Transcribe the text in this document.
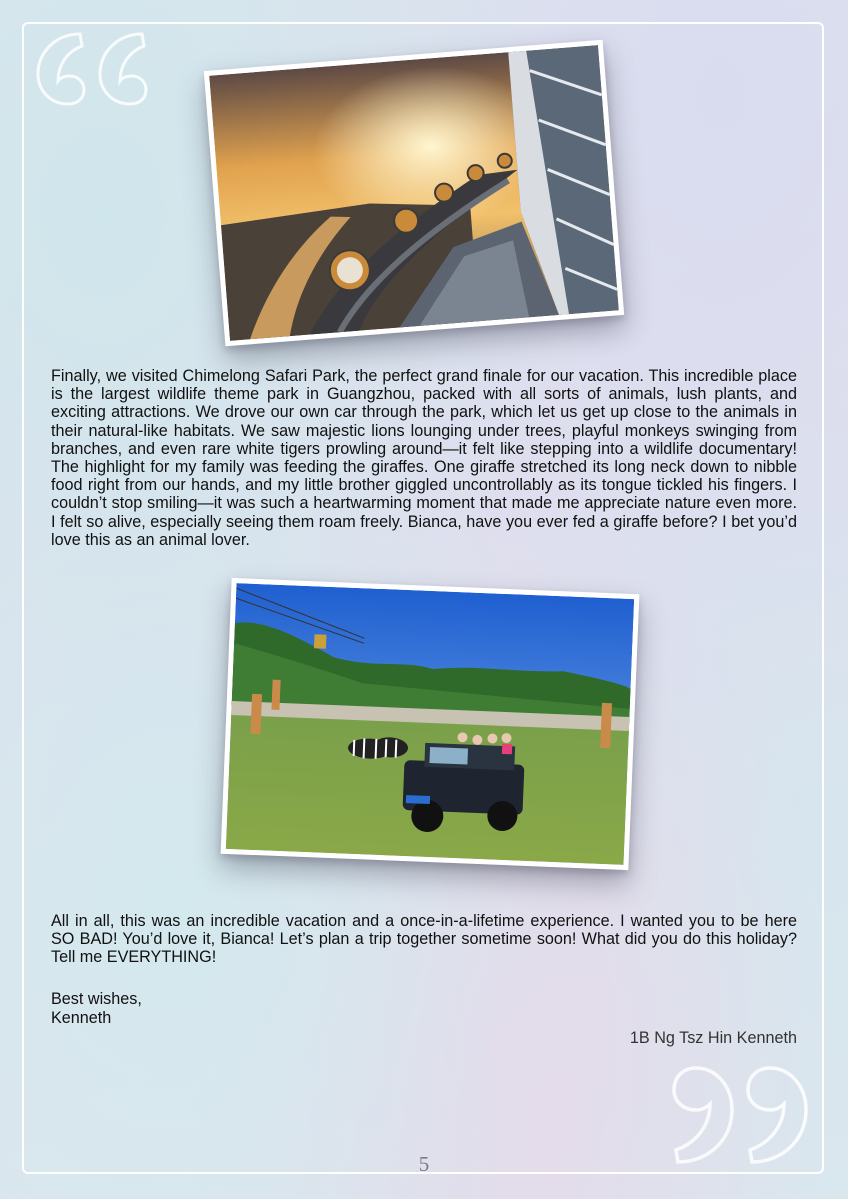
Finally, we visited Chimelong Safari Park, the perfect grand finale for our vacation. This incredible place is the largest wildlife theme park in Guangzhou, packed with all sorts of animals, lush plants, and exciting attractions. We drove our own car through the park, which let us get up close to the animals in their natural-like habitats. We saw majestic lions lounging under trees, playful monkeys swinging from branches, and even rare white tigers prowling around—it felt like stepping into a wildlife documentary! The highlight for my family was feeding the giraffes. One giraffe stretched its long neck down to nibble food right from our hands, and my little brother giggled uncontrollably as its tongue tickled his fingers. I couldn’t stop smiling—it was such a heartwarming moment that made me appreciate nature even more. I felt so alive, especially seeing them roam freely. Bianca, have you ever fed a giraffe before? I bet you’d love this as an animal lover.

All in all, this was an incredible vacation and a once-in-a-lifetime experience. I wanted you to be here SO BAD! You’d love it, Bianca! Let’s plan a trip together sometime soon! What did you do this holiday? Tell me EVERYTHING!

Best wishes,
Kenneth
1B Ng Tsz Hin Kenneth
5
